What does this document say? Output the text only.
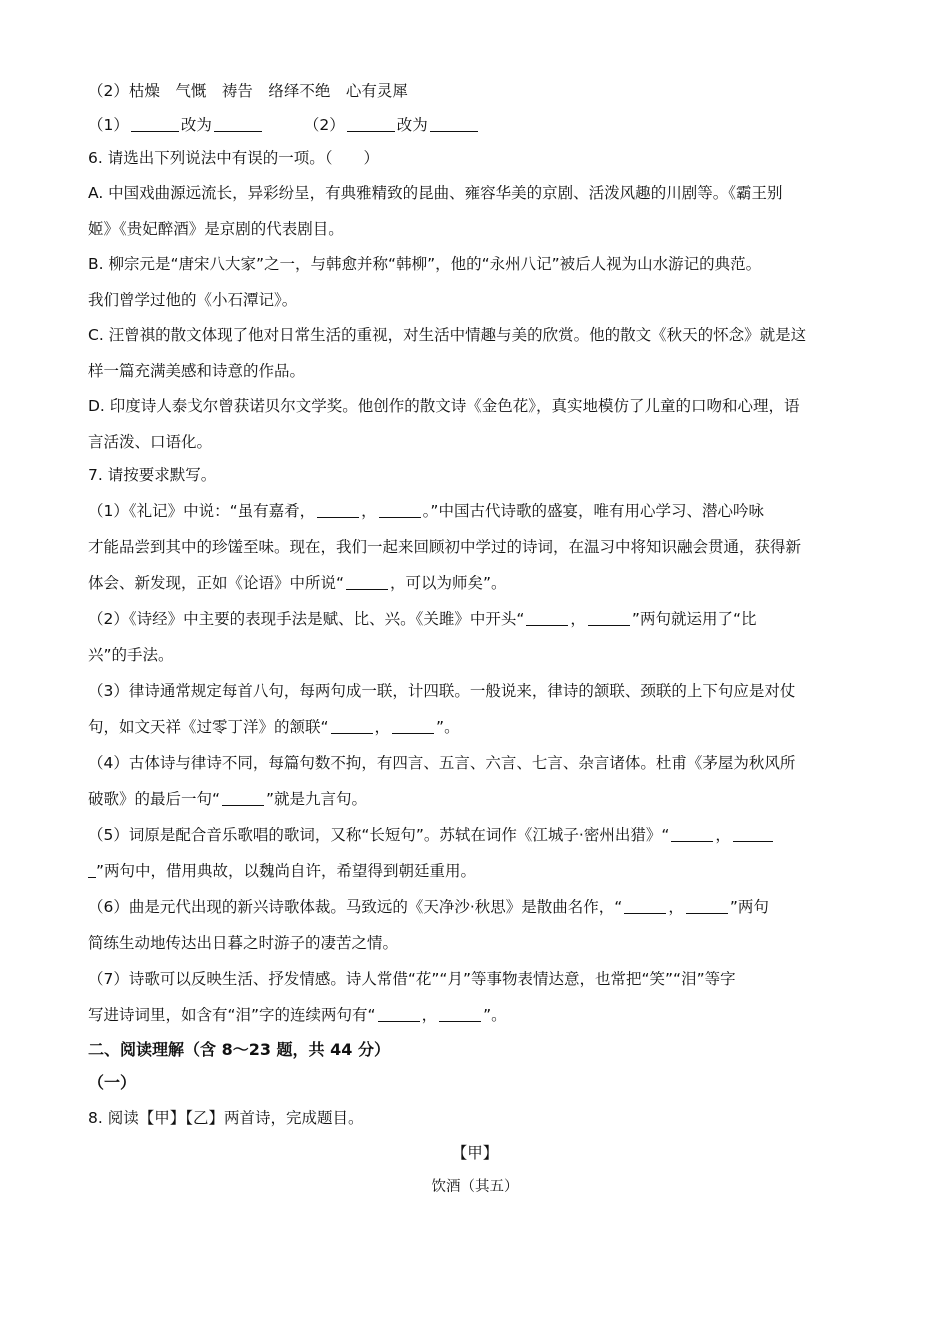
（2）枯燥　气慨　祷告　络绎不绝　心有灵犀
（1）	改为	（2）	改为
6. 请选出下列说法中有误的一项。（　　）
A. 中国戏曲源远流长，异彩纷呈，有典雅精致的昆曲、雍容华美的京剧、活泼风趣的川剧等。《霸王别
姬》《贵妃醉酒》是京剧的代表剧目。
B. 柳宗元是“唐宋八大家”之一，与韩愈并称“韩柳”，他的“永州八记”被后人视为山水游记的典范。
我们曾学过他的《小石潭记》。
C. 汪曾祺的散文体现了他对日常生活的重视，对生活中情趣与美的欣赏。他的散文《秋天的怀念》就是这
样一篇充满美感和诗意的作品。
D. 印度诗人泰戈尔曾获诺贝尔文学奖。他创作的散文诗《金色花》，真实地模仿了儿童的口吻和心理，语
言活泼、口语化。
7. 请按要求默写。
（1）《礼记》中说：“虽有嘉肴，	，	。”中国古代诗歌的盛宴，唯有用心学习、潜心吟咏
才能品尝到其中的珍馐至味。现在，我们一起来回顾初中学过的诗词，在温习中将知识融会贯通，获得新
体会、新发现，正如《论语》中所说“	，可以为师矣”。
（2）《诗经》中主要的表现手法是赋、比、兴。《关雎》中开头“	，	”两句就运用了“比
兴”的手法。
（3）律诗通常规定每首八句，每两句成一联，计四联。一般说来，律诗的颔联、颈联的上下句应是对仗
句，如文天祥《过零丁洋》的颔联“	，	”。
（4）古体诗与律诗不同，每篇句数不拘，有四言、五言、六言、七言、杂言诸体。杜甫《茅屋为秋风所
破歌》的最后一句“	”就是九言句。
（5）词原是配合音乐歌唱的歌词，又称“长短句”。苏轼在词作《江城子·密州出猎》“	，
”两句中，借用典故，以魏尚自许，希望得到朝廷重用。
（6）曲是元代出现的新兴诗歌体裁。马致远的《天净沙·秋思》是散曲名作，“	，	”两句
简练生动地传达出日暮之时游子的凄苦之情。
（7）诗歌可以反映生活、抒发情感。诗人常借“花”“月”等事物表情达意，也常把“笑”“泪”等字
写进诗词里，如含有“泪”字的连续两句有“	，	”。
二、阅读理解（含 8～23 题，共 44 分）
（一）
8. 阅读【甲】【乙】两首诗，完成题目。
【甲】
饮酒（其五）
